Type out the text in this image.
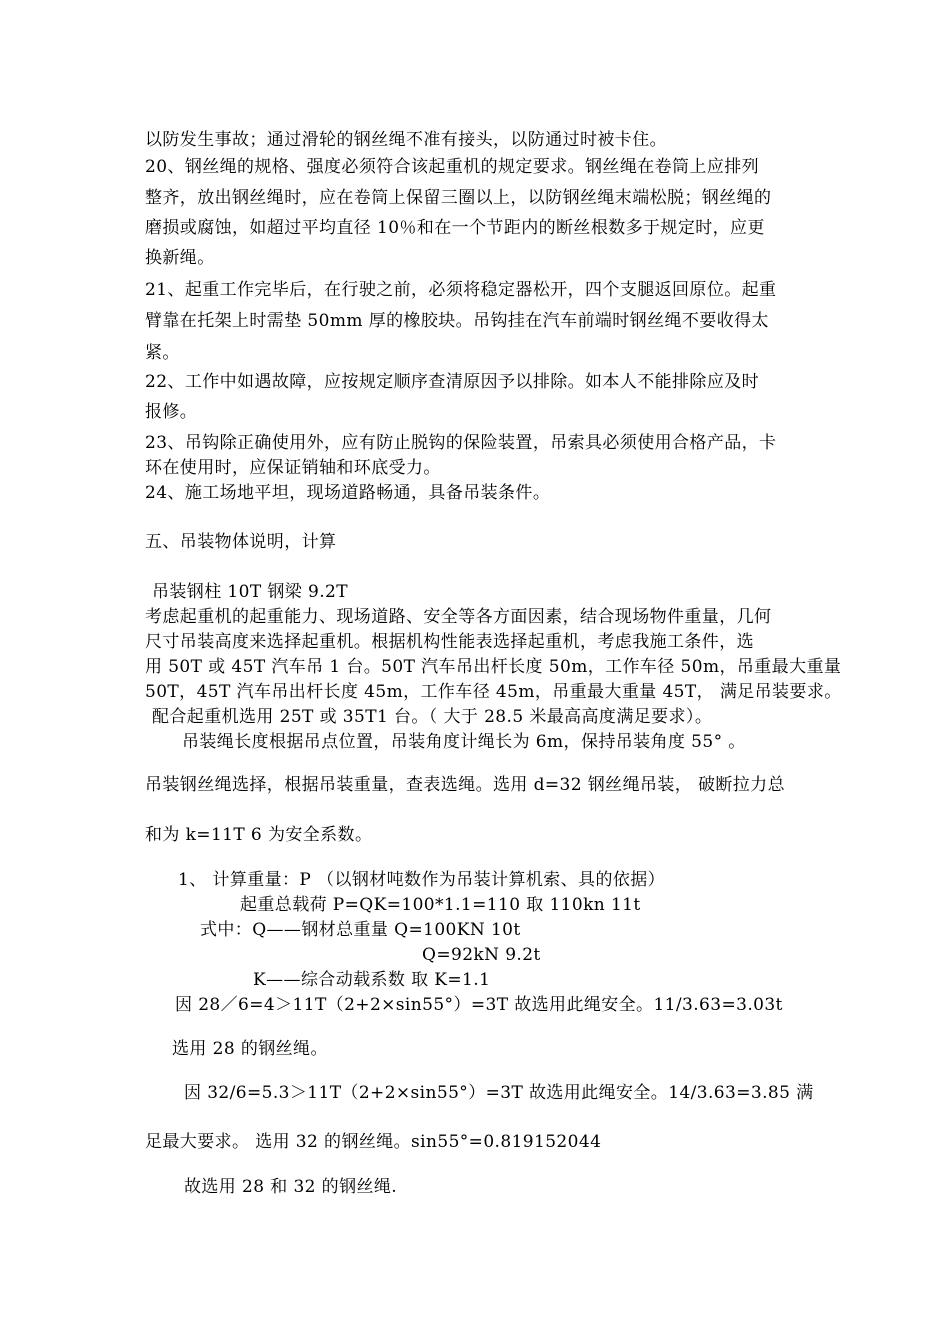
以防发生事故；通过滑轮的钢丝绳不准有接头，以防通过时被卡住。
20、钢丝绳的规格、强度必须符合该起重机的规定要求。钢丝绳在卷筒上应排列
整齐，放出钢丝绳时，应在卷筒上保留三圈以上，以防钢丝绳末端松脱；钢丝绳的
磨损或腐蚀，如超过平均直径 10％和在一个节距内的断丝根数多于规定时，应更
换新绳。
21、起重工作完毕后，在行驶之前，必须将稳定器松开，四个支腿返回原位。起重
臂靠在托架上时需垫 50mm 厚的橡胶块。吊钩挂在汽车前端时钢丝绳不要收得太
紧。
22、工作中如遇故障，应按规定顺序查清原因予以排除。如本人不能排除应及时
报修。
23、吊钩除正确使用外，应有防止脱钩的保险装置，吊索具必须使用合格产品，卡
环在使用时，应保证销轴和环底受力。
24、施工场地平坦，现场道路畅通，具备吊装条件。
五、吊装物体说明，计算
吊装钢柱 10T 钢梁 9.2T
考虑起重机的起重能力、现场道路、安全等各方面因素，结合现场物件重量，几何
尺寸吊装高度来选择起重机。根据机构性能表选择起重机，考虑我施工条件，选
用 50T 或 45T 汽车吊 1 台。50T 汽车吊出杆长度 50m，工作车径 50m，吊重最大重量
50T，45T 汽车吊出杆长度 45m，工作车径 45m，吊重最大重量 45T， 满足吊装要求。
配合起重机选用 25T 或 35T1 台。（ 大于 28.5 米最高高度满足要求）。
吊装绳长度根据吊点位置，吊装角度计绳长为 6m，保持吊装角度 55° 。
吊装钢丝绳选择，根据吊装重量，查表选绳。选用 d=32 钢丝绳吊装， 破断拉力总
和为 k=11T 6 为安全系数。
1、 计算重量：P （以钢材吨数作为吊装计算机索、具的依据）
起重总载荷 P=QK=100*1.1=110 取 110kn 11t
式中：Q——钢材总重量 Q=100KN 10t
Q=92kN 9.2t
K——综合动载系数 取 K=1.1
因 28／6=4＞11T（2+2×sin55°）=3T 故选用此绳安全。11/3.63=3.03t
选用 28 的钢丝绳。
因 32/6=5.3＞11T（2+2×sin55°）=3T 故选用此绳安全。14/3.63=3.85 满
足最大要求。 选用 32 的钢丝绳。sin55°=0.819152044
故选用 28 和 32 的钢丝绳.
